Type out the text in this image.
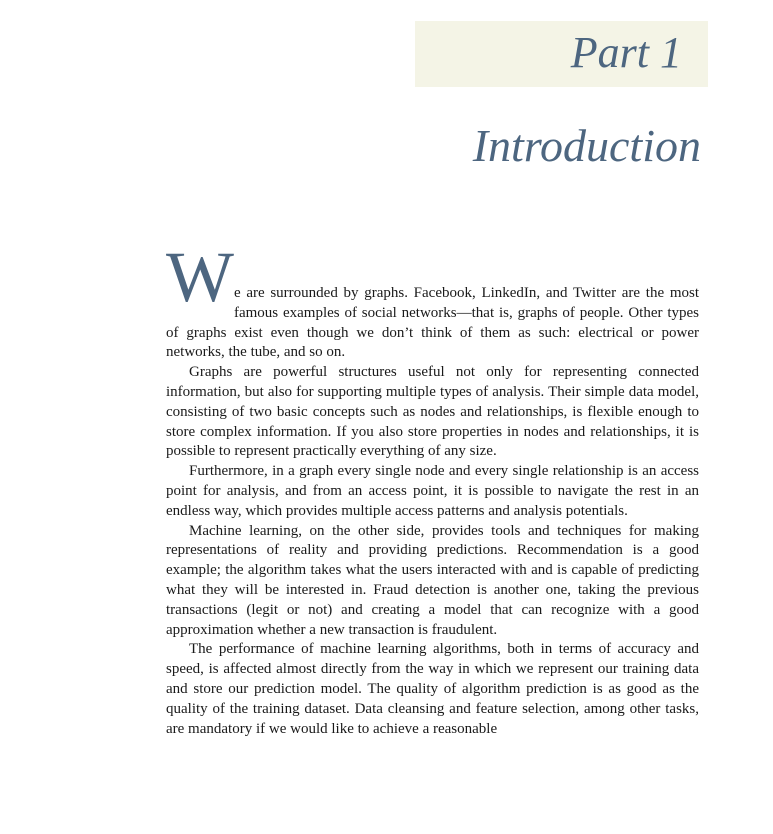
Part 1
Introduction

We are surrounded by graphs. Facebook, LinkedIn, and Twitter are the most famous examples of social networks—that is, graphs of people. Other types of graphs exist even though we don’t think of them as such: electrical or power networks, the tube, and so on.

Graphs are powerful structures useful not only for representing connected information, but also for supporting multiple types of analysis. Their simple data model, consisting of two basic concepts such as nodes and relationships, is flexible enough to store complex information. If you also store properties in nodes and relationships, it is possible to represent practically everything of any size.

Furthermore, in a graph every single node and every single relationship is an access point for analysis, and from an access point, it is possible to navigate the rest in an endless way, which provides multiple access patterns and analysis potentials.

Machine learning, on the other side, provides tools and techniques for making representations of reality and providing predictions. Recommendation is a good example; the algorithm takes what the users interacted with and is capable of predicting what they will be interested in. Fraud detection is another one, taking the previous transactions (legit or not) and creating a model that can recognize with a good approximation whether a new transaction is fraudulent.

The performance of machine learning algorithms, both in terms of accuracy and speed, is affected almost directly from the way in which we represent our training data and store our prediction model. The quality of algorithm prediction is as good as the quality of the training dataset. Data cleansing and feature selection, among other tasks, are mandatory if we would like to achieve a reasonable
